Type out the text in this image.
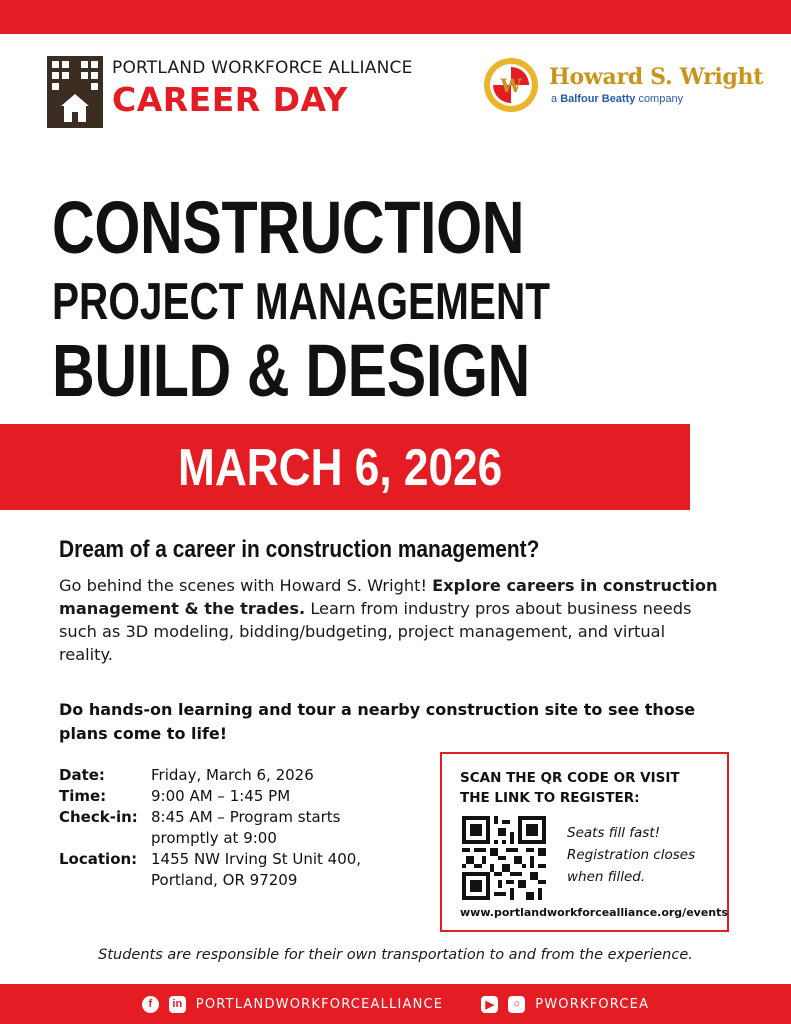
PORTLAND WORKFORCE ALLIANCE
CAREER DAY	W Howard S. Wright
a Balfour Beatty company
CONSTRUCTION
PROJECT MANAGEMENT
BUILD & DESIGN
MARCH 6, 2026
Dream of a career in construction management?
Go behind the scenes with Howard S. Wright! Explore careers in construction management & the trades. Learn from industry pros about business needs such as 3D modeling, bidding/budgeting, project management, and virtual reality.
Do hands-on learning and tour a nearby construction site to see those plans come to life!
Date:	Friday, March 6, 2026
Time:	9:00 AM – 1:45 PM
Check-in: 8:45 AM – Program starts promptly at 9:00
Location: 1455 NW Irving St Unit 400, Portland, OR 97209
SCAN THE QR CODE OR VISIT
THE LINK TO REGISTER:
Seats fill fast!
Registration closes
when filled.
www.portlandworkforcealliance.org/events
Students are responsible for their own transportation to and from the experience.
f	in PORTLANDWORKFORCEALLIANCE	▶	○	PWORKFORCEA
